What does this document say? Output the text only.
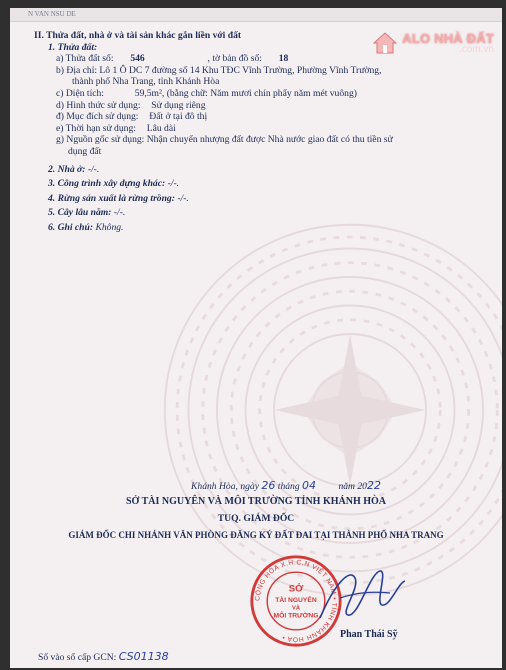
N VAN NSU DE
ALO NHÀ ĐẤT
.com.vn
II. Thửa đất, nhà ở và tài sản khác gắn liền với đất
1. Thửa đất:
a) Thửa đất số: 546	, tờ bản đồ số: 18
b) Địa chỉ: Lô 1 Ô DC 7 đường số 14 Khu TĐC Vĩnh Trường, Phường Vĩnh Trường,
thành phố Nha Trang, tỉnh Khánh Hòa
c) Diện tích:	59,5m², (bằng chữ: Năm mươi chín phẩy năm mét vuông)
d) Hình thức sử dụng: Sử dụng riêng
đ) Mục đích sử dụng: Đất ở tại đô thị
e) Thời hạn sử dụng: Lâu dài
g) Nguồn gốc sử dụng: Nhận chuyển nhượng đất được Nhà nước giao đất có thu tiền sử
dụng đất
2. Nhà ở: -/-.
3. Công trình xây dựng khác: -/-.
4. Rừng sản xuất là rừng trồng: -/-.
5. Cây lâu năm: -/-.
6. Ghi chú: Không.
Khánh Hòa, ngày 26 tháng 04 năm 2022
SỞ TÀI NGUYÊN VÀ MÔI TRƯỜNG TỈNH KHÁNH HÒA
TUQ. GIÁM ĐỐC
GIÁM ĐỐC CHI NHÁNH VĂN PHÒNG ĐĂNG KÝ ĐẤT ĐAI TẠI THÀNH PHỐ NHA TRANG
CỘNG HÒA X.H.C.N VIỆT NAM • TỈNH KHÁNH HÒA •
SỞ
TÀI NGUYÊN
VÀ
MÔI TRƯỜNG
Phan Thái Sỹ
Số vào sổ cấp GCN: CS01138
